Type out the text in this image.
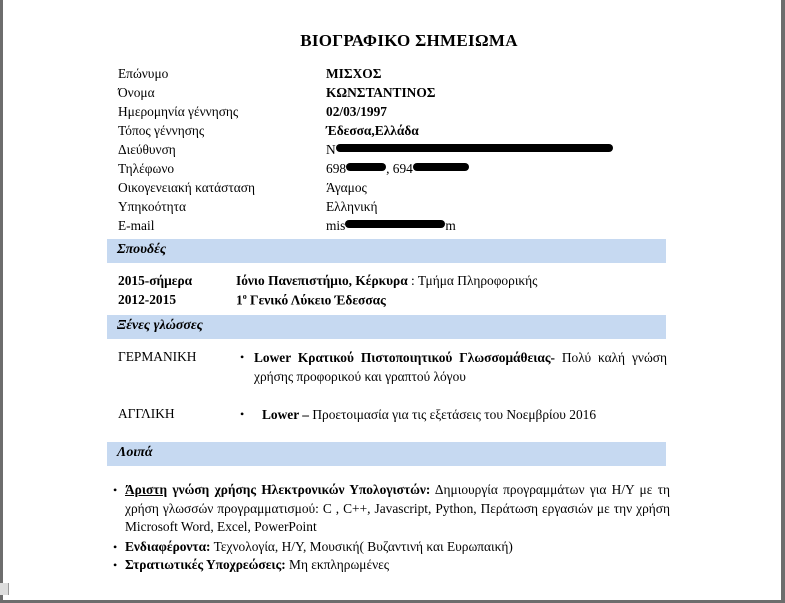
ΒΙΟΓΡΑΦΙΚΟ ΣΗΜΕΙΩΜΑ
Επώνυμο	ΜΙΣΧΟΣ
Όνομα	ΚΩΝΣΤΑΝΤΙΝΟΣ
Ημερομηνία γέννησης	02/03/1997
Τόπος γέννησης	Έδεσσα,Ελλάδα
Διεύθυνση	Ν
Τηλέφωνο	698	, 694
Οικογενειακή κατάσταση	Άγαμος
Υπηκοότητα	Ελληνική
E-mail	mis	m
Σπουδές
2015-σήμερα	Ιόνιο Πανεπιστήμιο, Κέρκυρα : Τμήμα Πληροφορικής
2012-2015	$1^o$ Γενικό Λύκειο Έδεσσας
Ξένες γλώσσες
ΓΕΡΜΑΝΙΚΗ	• Lower Κρατικού Πιστοποιητικού Γλωσσομάθειας- Πολύ καλή γνώση χρήσης προφορικού και γραπτού λόγου
ΑΓΓΛΙΚΗ	• Lower – Προετοιμασία για τις εξετάσεις του Νοεμβρίου 2016
Λοιπά
• Άριστη γνώση χρήσης Ηλεκτρονικών Υπολογιστών: Δημιουργία προγραμμάτων για Η/Υ με τη χρήση γλωσσών προγραμματισμού: C , C++, Javascript, Python, Περάτωση εργασιών με την χρήση Microsoft Word, Excel, PowerPoint
• Ενδιαφέροντα: Τεχνολογία, Η/Υ, Μουσική( Βυζαντινή και Ευρωπαική)
• Στρατιωτικές Υποχρεώσεις: Μη εκπληρωμένες
